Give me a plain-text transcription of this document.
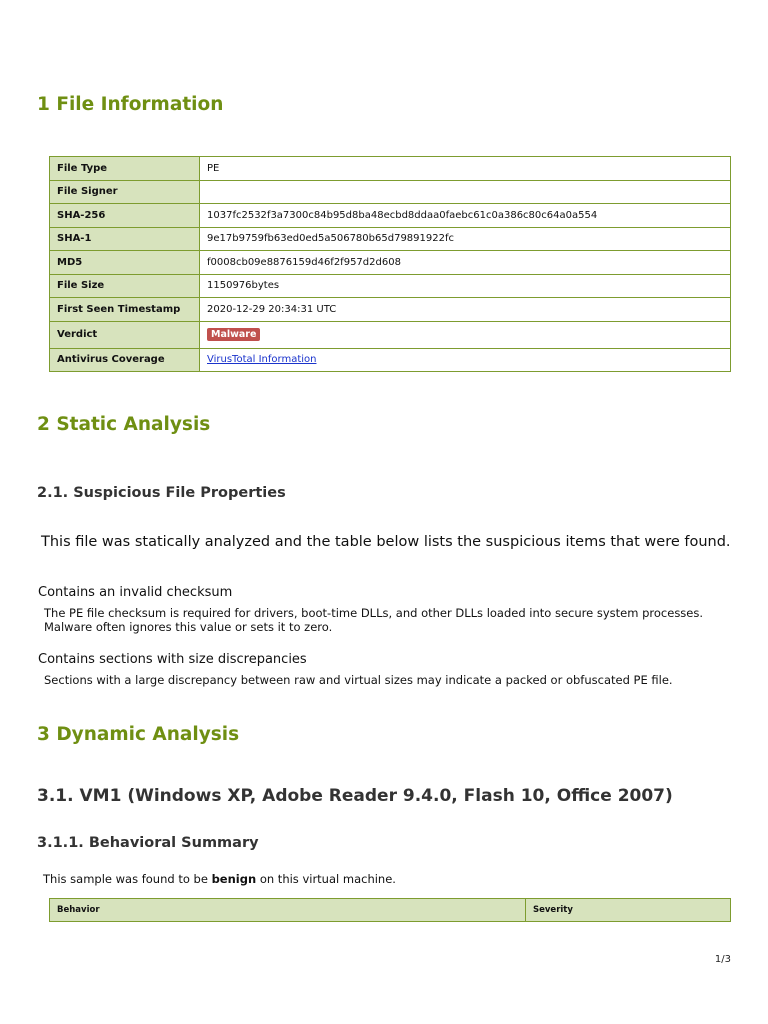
1 File Information
File Type	PE
File Signer	
SHA-256	1037fc2532f3a7300c84b95d8ba48ecbd8ddaa0faebc61c0a386c80c64a0a554
SHA-1	9e17b9759fb63ed0ed5a506780b65d79891922fc
MD5	f0008cb09e8876159d46f2f957d2d608
File Size	1150976bytes
First Seen Timestamp	2020-12-29 20:34:31 UTC
Verdict	Malware
Antivirus Coverage	VirusTotal Information
2 Static Analysis
2.1. Suspicious File Properties

This file was statically analyzed and the table below lists the suspicious items that were found.

Contains an invalid checksum

The PE file checksum is required for drivers, boot-time DLLs, and other DLLs loaded into secure system processes. Malware often ignores this value or sets it to zero.

Contains sections with size discrepancies

Sections with a large discrepancy between raw and virtual sizes may indicate a packed or obfuscated PE file.

3 Dynamic Analysis
3.1. VM1 (Windows XP, Adobe Reader 9.4.0, Flash 10, Office 2007)
3.1.1. Behavioral Summary

This sample was found to be benign on this virtual machine.

Behavior	Severity
1/3
